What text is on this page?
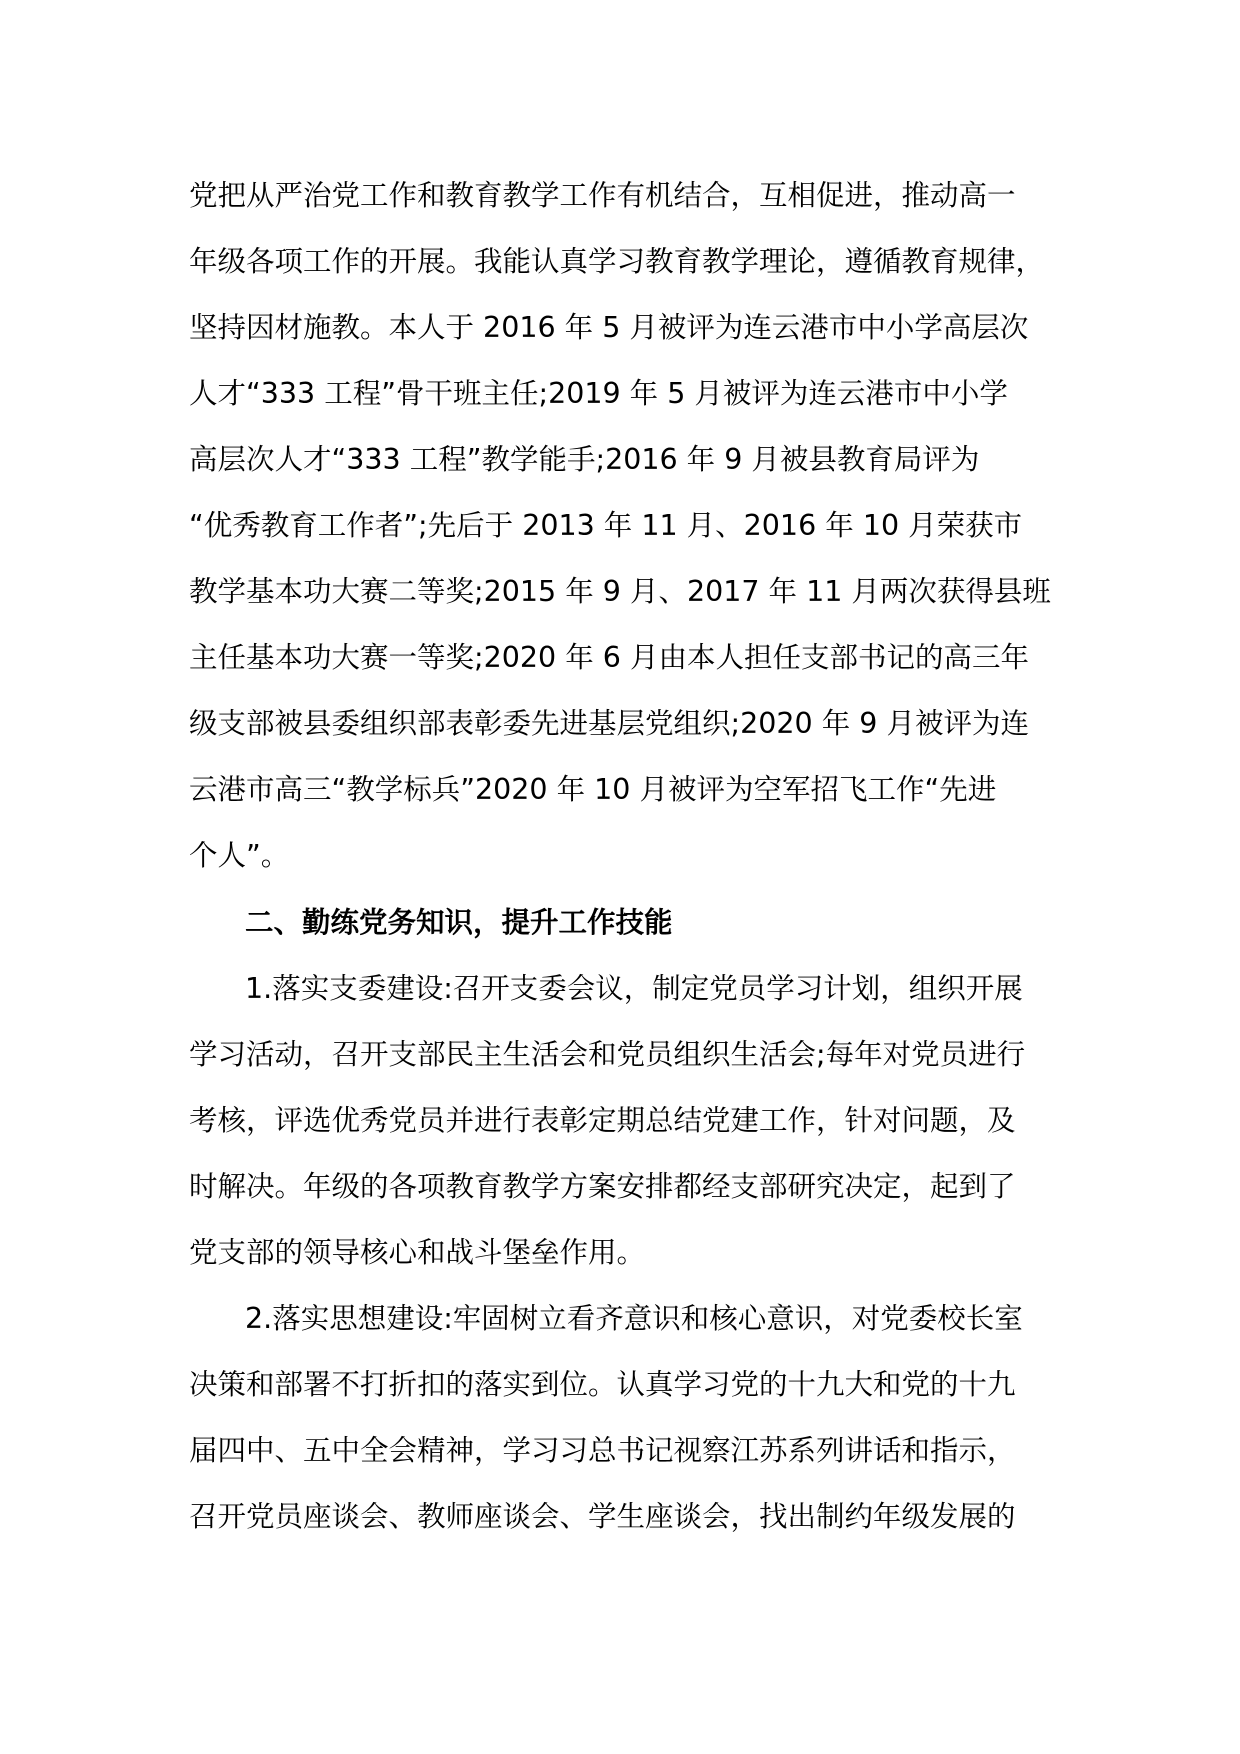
党把从严治党工作和教育教学工作有机结合，互相促进，推动高一
年级各项工作的开展。我能认真学习教育教学理论，遵循教育规律，
坚持因材施教。本人于 2016 年 5 月被评为连云港市中小学高层次
人才“333 工程”骨干班主任;2019 年 5 月被评为连云港市中小学
高层次人才“333 工程”教学能手;2016 年 9 月被县教育局评为
“优秀教育工作者”;先后于 2013 年 11 月、2016 年 10 月荣获市
教学基本功大赛二等奖;2015 年 9 月、2017 年 11 月两次获得县班
主任基本功大赛一等奖;2020 年 6 月由本人担任支部书记的高三年
级支部被县委组织部表彰委先进基层党组织;2020 年 9 月被评为连
云港市高三“教学标兵”2020 年 10 月被评为空军招飞工作“先进
个人”。
二、勤练党务知识，提升工作技能
1.落实支委建设:召开支委会议，制定党员学习计划，组织开展
学习活动，召开支部民主生活会和党员组织生活会;每年对党员进行
考核，评选优秀党员并进行表彰定期总结党建工作，针对问题，及
时解决。年级的各项教育教学方案安排都经支部研究决定，起到了
党支部的领导核心和战斗堡垒作用。
2.落实思想建设:牢固树立看齐意识和核心意识，对党委校长室
决策和部署不打折扣的落实到位。认真学习党的十九大和党的十九
届四中、五中全会精神，学习习总书记视察江苏系列讲话和指示，
召开党员座谈会、教师座谈会、学生座谈会，找出制约年级发展的
